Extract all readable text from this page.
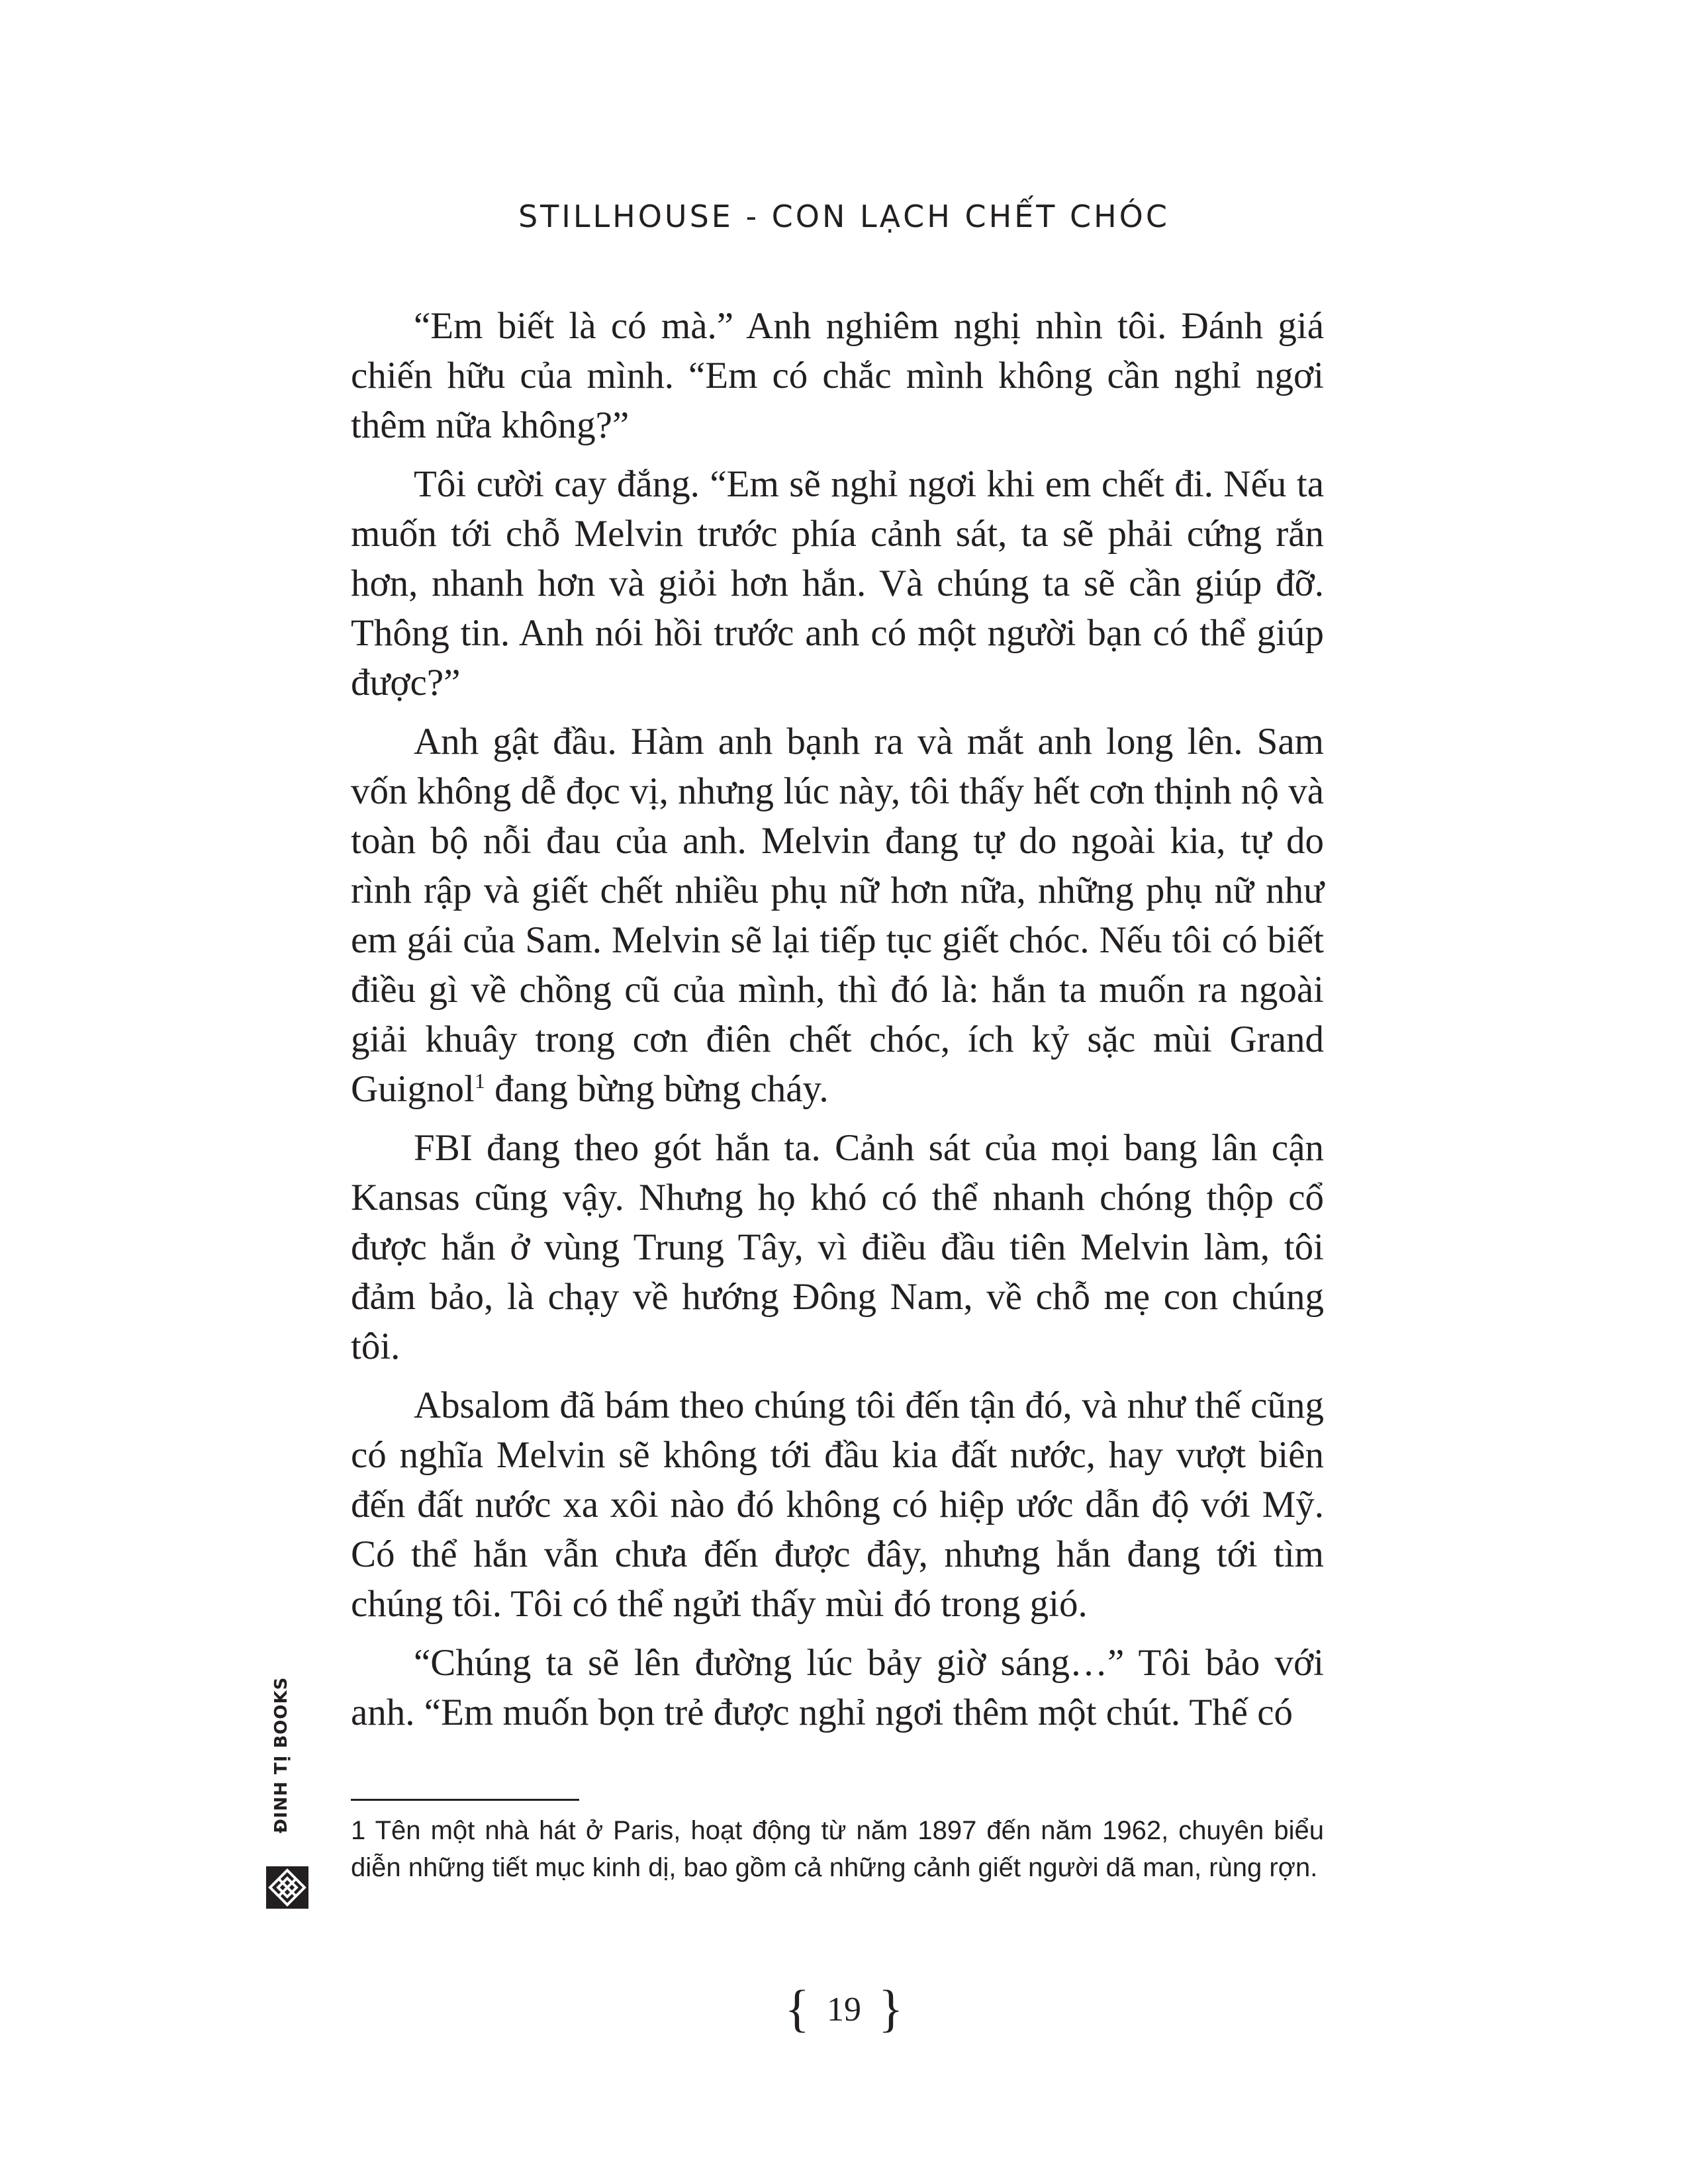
STILLHOUSE - CON LẠCH CHẾT CHÓC

“Em biết là có mà.” Anh nghiêm nghị nhìn tôi. Đánh giá chiến hữu của mình. “Em có chắc mình không cần nghỉ ngơi thêm nữa không?”

Tôi cười cay đắng. “Em sẽ nghỉ ngơi khi em chết đi. Nếu ta muốn tới chỗ Melvin trước phía cảnh sát, ta sẽ phải cứng rắn hơn, nhanh hơn và giỏi hơn hắn. Và chúng ta sẽ cần giúp đỡ. Thông tin. Anh nói hồi trước anh có một người bạn có thể giúp được?”

Anh gật đầu. Hàm anh bạnh ra và mắt anh long lên. Sam vốn không dễ đọc vị, nhưng lúc này, tôi thấy hết cơn thịnh nộ và toàn bộ nỗi đau của anh. Melvin đang tự do ngoài kia, tự do rình rập và giết chết nhiều phụ nữ hơn nữa, những phụ nữ như em gái của Sam. Melvin sẽ lại tiếp tục giết chóc. Nếu tôi có biết điều gì về chồng cũ của mình, thì đó là: hắn ta muốn ra ngoài giải khuây trong cơn điên chết chóc, ích kỷ sặc mùi Grand Guignol$^1$ đang bừng bừng cháy.

FBI đang theo gót hắn ta. Cảnh sát của mọi bang lân cận Kansas cũng vậy. Nhưng họ khó có thể nhanh chóng thộp cổ được hắn ở vùng Trung Tây, vì điều đầu tiên Melvin làm, tôi đảm bảo, là chạy về hướng Đông Nam, về chỗ mẹ con chúng tôi.

Absalom đã bám theo chúng tôi đến tận đó, và như thế cũng có nghĩa Melvin sẽ không tới đầu kia đất nước, hay vượt biên đến đất nước xa xôi nào đó không có hiệp ước dẫn độ với Mỹ. Có thể hắn vẫn chưa đến được đây, nhưng hắn đang tới tìm chúng tôi. Tôi có thể ngửi thấy mùi đó trong gió.

“Chúng ta sẽ lên đường lúc bảy giờ sáng…” Tôi bảo với anh. “Em muốn bọn trẻ được nghỉ ngơi thêm một chút. Thế có

1 Tên một nhà hát ở Paris, hoạt động từ năm 1897 đến năm 1962, chuyên biểu diễn những tiết mục kinh dị, bao gồm cả những cảnh giết người dã man, rùng rợn.

{ 19 }
ĐINH TỊ BOOKS
